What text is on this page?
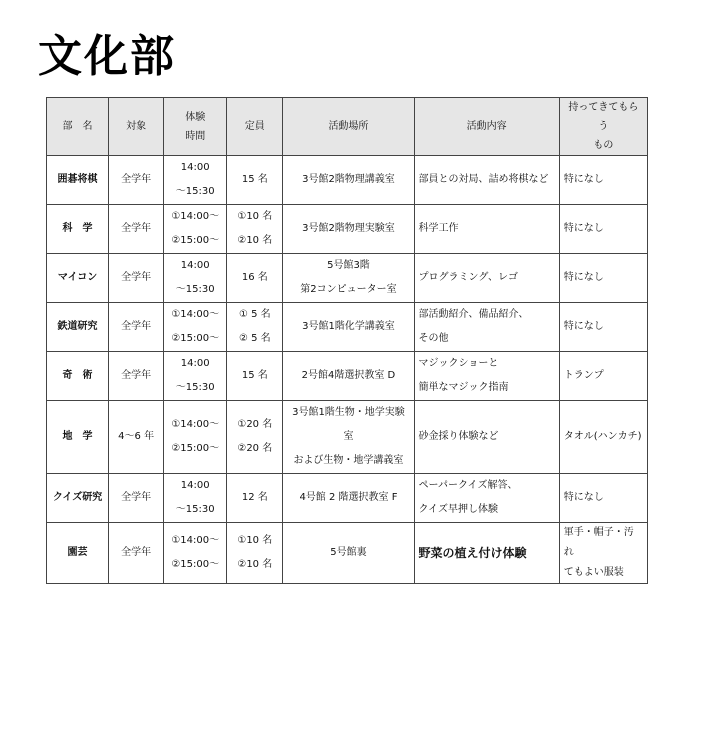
文化部
部　名	対象	体験
時間	定員	活動場所	活動内容	持ってきてもらう
もの

囲碁将棋	全学年	14:00
～15:30	15 名	3号館2階物理講義室	部員との対局、詰め将棋など	特になし

科　学	全学年	①14:00～
②15:00～	①10 名
②10 名	3号館2階物理実験室	科学工作	特になし

マイコン	全学年	14:00
～15:30	16 名	5号館3階
第2コンピューター室	プログラミング、レゴ	特になし

鉄道研究	全学年	①14:00～
②15:00～	① 5 名
② 5 名	3号館1階化学講義室	部活動紹介、備品紹介、
その他	特になし

奇　術	全学年	14:00
～15:30	15 名	2号館4階選択教室 D	マジックショーと
簡単なマジック指南	トランプ

地　学	4～6 年	①14:00～
②15:00～	①20 名
②20 名	3号館1階生物・地学実験室
および生物・地学講義室	砂金採り体験など	タオル(ハンカチ)

クイズ研究	全学年	14:00
～15:30	12 名	4号館 2 階選択教室 F	ペーパークイズ解答、
クイズ早押し体験	特になし

園芸	全学年	①14:00～
②15:00～	①10 名
②10 名	5号館裏	野菜の植え付け体験	軍手・帽子・汚れ
てもよい服装
